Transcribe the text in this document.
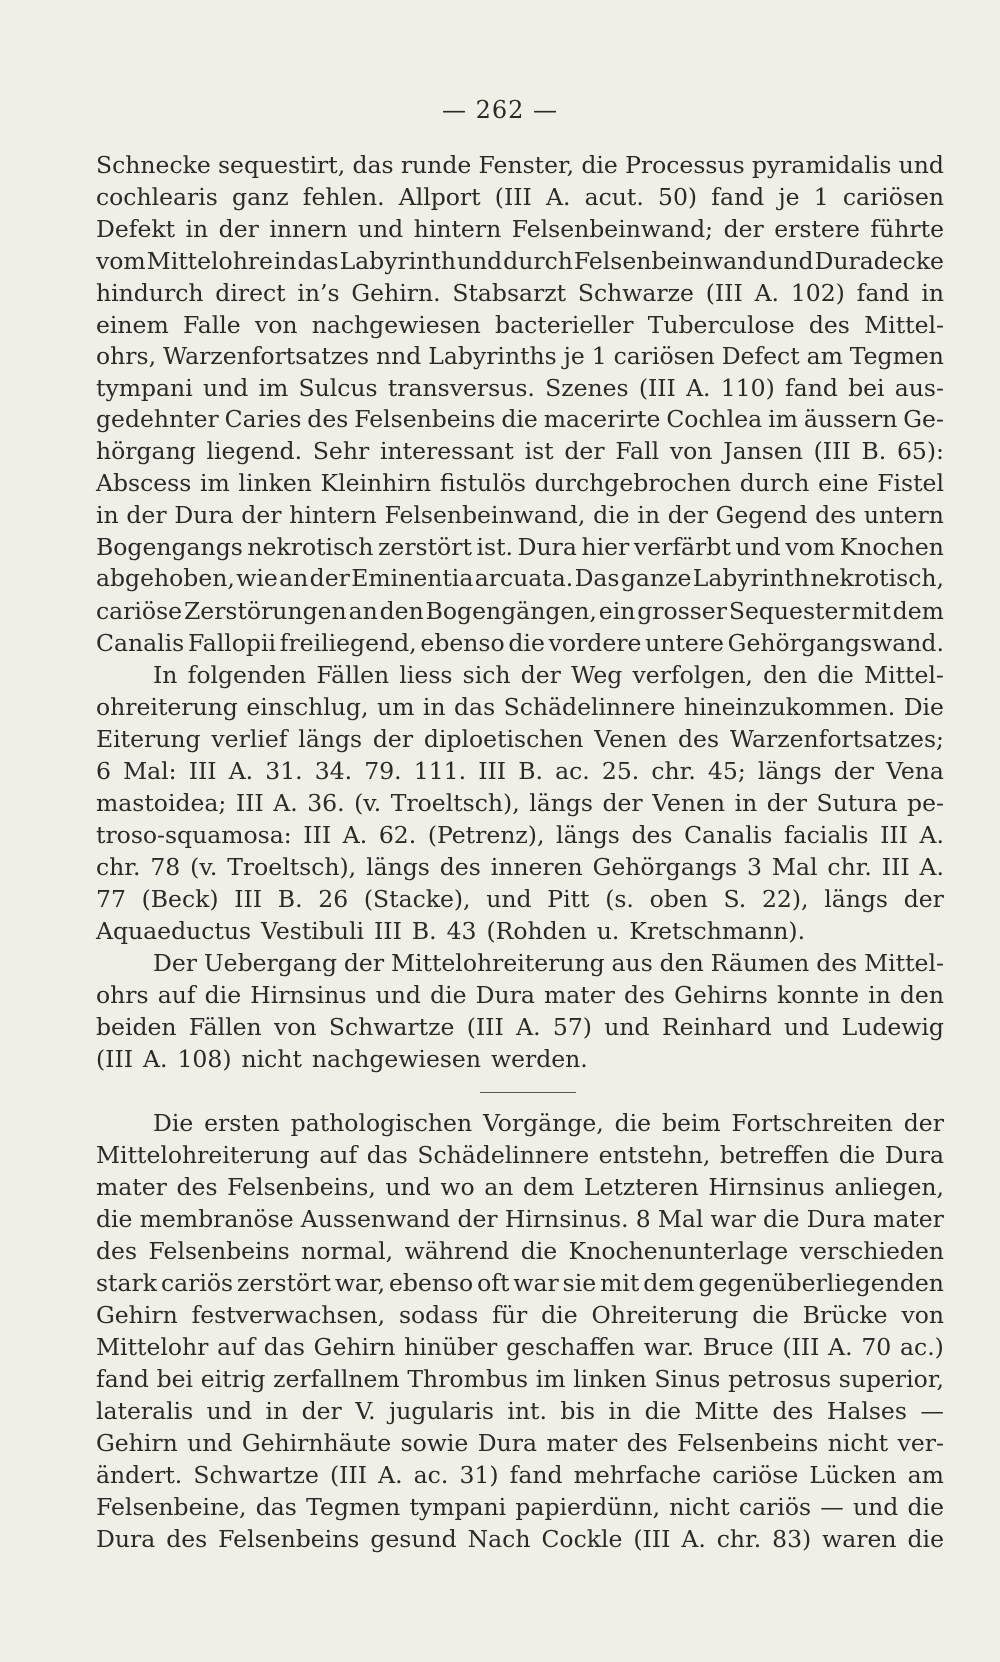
— 262 —
Schnecke sequestirt, das runde Fenster, die Processus pyramidalis und
cochlearis ganz fehlen. Allport (III A. acut. 50) fand je 1 cariösen
Defekt in der innern und hintern Felsenbeinwand; der erstere führte
vom Mittelohre in das Labyrinth und durch Felsenbeinwand und Duradecke
hindurch direct in’s Gehirn. Stabsarzt Schwarze (III A. 102) fand in
einem Falle von nachgewiesen bacterieller Tuberculose des Mittel-
ohrs, Warzenfortsatzes nnd Labyrinths je 1 cariösen Defect am Tegmen
tympani und im Sulcus transversus. Szenes (III A. 110) fand bei aus-
gedehnter Caries des Felsenbeins die macerirte Cochlea im äussern Ge-
hörgang liegend. Sehr interessant ist der Fall von Jansen (III B. 65):
Abscess im linken Kleinhirn fistulös durchgebrochen durch eine Fistel
in der Dura der hintern Felsenbeinwand, die in der Gegend des untern
Bogengangs nekrotisch zerstört ist. Dura hier verfärbt und vom Knochen
abgehoben, wie an der Eminentia arcuata. Das ganze Labyrinth nekrotisch,
cariöse Zerstörungen an den Bogengängen, ein grosser Sequester mit dem
Canalis Fallopii freiliegend, ebenso die vordere untere Gehörgangswand.
In folgenden Fällen liess sich der Weg verfolgen, den die Mittel-
ohreiterung einschlug, um in das Schädelinnere hineinzukommen. Die
Eiterung verlief längs der diploetischen Venen des Warzenfortsatzes;
6 Mal: III A. 31. 34. 79. 111. III B. ac. 25. chr. 45; längs der Vena
mastoidea; III A. 36. (v. Troeltsch), längs der Venen in der Sutura pe-
troso-squamosa: III A. 62. (Petrenz), längs des Canalis facialis III A.
chr. 78 (v. Troeltsch), längs des inneren Gehörgangs 3 Mal chr. III A.
77 (Beck) III B. 26 (Stacke), und Pitt (s. oben S. 22), längs der
Aquaeductus Vestibuli III B. 43 (Rohden u. Kretschmann).
Der Uebergang der Mittelohreiterung aus den Räumen des Mittel-
ohrs auf die Hirnsinus und die Dura mater des Gehirns konnte in den
beiden Fällen von Schwartze (III A. 57) und Reinhard und Ludewig
(III A. 108) nicht nachgewiesen werden.
Die ersten pathologischen Vorgänge, die beim Fortschreiten der
Mittelohreiterung auf das Schädelinnere entstehn, betreffen die Dura
mater des Felsenbeins, und wo an dem Letzteren Hirnsinus anliegen,
die membranöse Aussenwand der Hirnsinus. 8 Mal war die Dura mater
des Felsenbeins normal, während die Knochenunterlage verschieden
stark cariös zerstört war, ebenso oft war sie mit dem gegenüberliegenden
Gehirn festverwachsen, sodass für die Ohreiterung die Brücke von
Mittelohr auf das Gehirn hinüber geschaffen war. Bruce (III A. 70 ac.)
fand bei eitrig zerfallnem Thrombus im linken Sinus petrosus superior,
lateralis und in der V. jugularis int. bis in die Mitte des Halses —
Gehirn und Gehirnhäute sowie Dura mater des Felsenbeins nicht ver-
ändert. Schwartze (III A. ac. 31) fand mehrfache cariöse Lücken am
Felsenbeine, das Tegmen tympani papierdünn, nicht cariös — und die
Dura des Felsenbeins gesund Nach Cockle (III A. chr. 83) waren die
